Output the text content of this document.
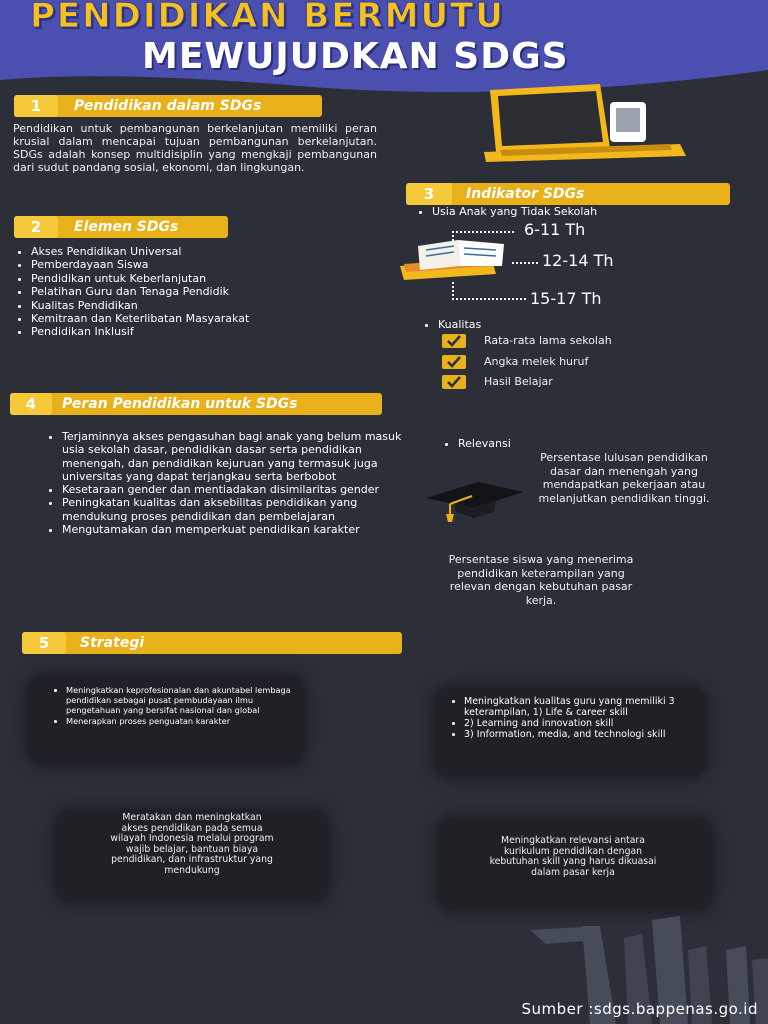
PENDIDIKAN BERMUTU
MEWUJUDKAN SDGS
1	Pendidikan dalam SDGs
Pendidikan untuk pembangunan berkelanjutan memiliki peran krusial dalam mencapai tujuan pembangunan berkelanjutan. SDGs adalah konsep multidisiplin yang mengkaji pembangunan dari sudut pandang sosial, ekonomi, dan lingkungan.
2	Elemen SDGs
• Akses Pendidikan Universal
• Pemberdayaan Siswa
• Pendidikan untuk Keberlanjutan
• Pelatihan Guru dan Tenaga Pendidik
• Kualitas Pendidikan
• Kemitraan dan Keterlibatan Masyarakat
• Pendidikan Inklusif
3	Indikator SDGs
• Usia Anak yang Tidak Sekolah
6-11 Th
12-14 Th
15-17 Th
• Kualitas
Rata-rata lama sekolah
Angka melek huruf
Hasil Belajar
• Relevansi
Persentase lulusan pendidikan dasar dan menengah yang mendapatkan pekerjaan atau melanjutkan pendidikan tinggi.
Persentase siswa yang menerima pendidikan keterampilan yang relevan dengan kebutuhan pasar kerja.
4	Peran Pendidikan untuk SDGs
• Terjaminnya akses pengasuhan bagi anak yang belum masuk usia sekolah dasar, pendidikan dasar serta pendidikan menengah, dan pendidikan kejuruan yang termasuk juga universitas yang dapat terjangkau serta berbobot
• Kesetaraan gender dan mentiadakan disimilaritas gender
• Peningkatan kualitas dan aksebilitas pendidikan yang mendukung proses pendidikan dan pembelajaran
• Mengutamakan dan memperkuat pendidikan karakter
5	Strategi
• Meningkatkan keprofesionalan dan akuntabel lembaga pendidikan sebagai pusat pembudayaan ilmu pengetahuan yang bersifat nasional dan global
• Menerapkan proses penguatan karakter
• Meningkatkan kualitas guru yang memiliki 3 keterampilan, 1) Life & career skill
• 2) Learning and innovation skill
• 3) Information, media, and technologi skill
Meratakan dan meningkatkan akses pendidikan pada semua wilayah Indonesia melalui program wajib belajar, bantuan biaya pendidikan, dan infrastruktur yang mendukung
Meningkatkan relevansi antara kurikulum pendidikan dengan kebutuhan skill yang harus dikuasai dalam pasar kerja
Sumber :sdgs.bappenas.go.id
